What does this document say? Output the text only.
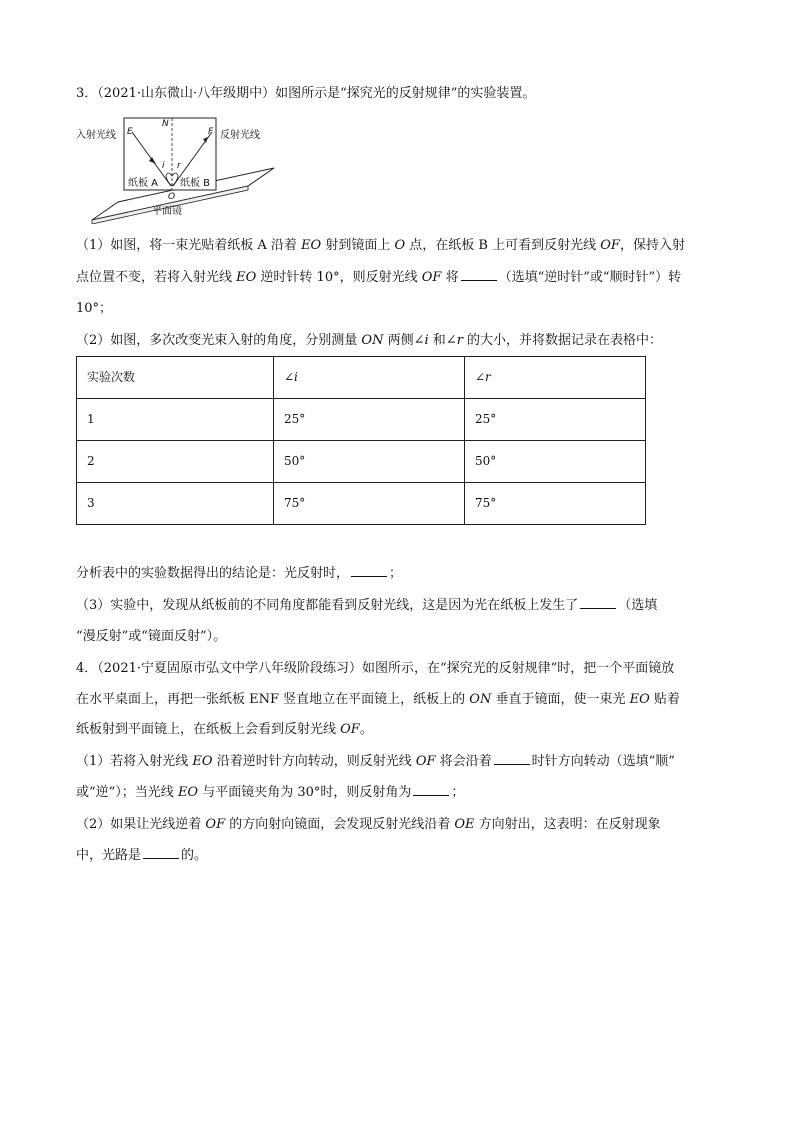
3．（2021·山东微山·八年级期中）如图所示是“探究光的反射规律”的实验装置。
入射光线	反射光线
E	F
N
i r
O
纸板 A 纸板 B
平面镜
（1）如图，将一束光贴着纸板 A 沿着 EO 射到镜面上 O 点，在纸板 B 上可看到反射光线 OF，保持入射
点位置不变，若将入射光线 EO 逆时针转 10°，则反射光线 OF 将	（选填“逆时针”或“顺时针”）转
10°；
（2）如图，多次改变光束入射的角度，分别测量 ON 两侧∠i 和∠r 的大小，并将数据记录在表格中：
实验次数	∠i	∠r
1	25°	25°
2	50°	50°
3	75°	75°
分析表中的实验数据得出的结论是：光反射时，	；
（3）实验中，发现从纸板前的不同角度都能看到反射光线，这是因为光在纸板上发生了	（选填
“漫反射”或“镜面反射”）。
4．（2021·宁夏固原市弘文中学八年级阶段练习）如图所示，在“探究光的反射规律”时，把一个平面镜放
在水平桌面上，再把一张纸板 ENF 竖直地立在平面镜上，纸板上的 ON 垂直于镜面，使一束光 EO 贴着
纸板射到平面镜上，在纸板上会看到反射光线 OF。
（1）若将入射光线 EO 沿着逆时针方向转动，则反射光线 OF 将会沿着	时针方向转动（选填“顺”
或“逆”）；当光线 EO 与平面镜夹角为 30°时，则反射角为	；
（2）如果让光线逆着 OF 的方向射向镜面，会发现反射光线沿着 OE 方向射出，这表明：在反射现象
中，光路是	的。
